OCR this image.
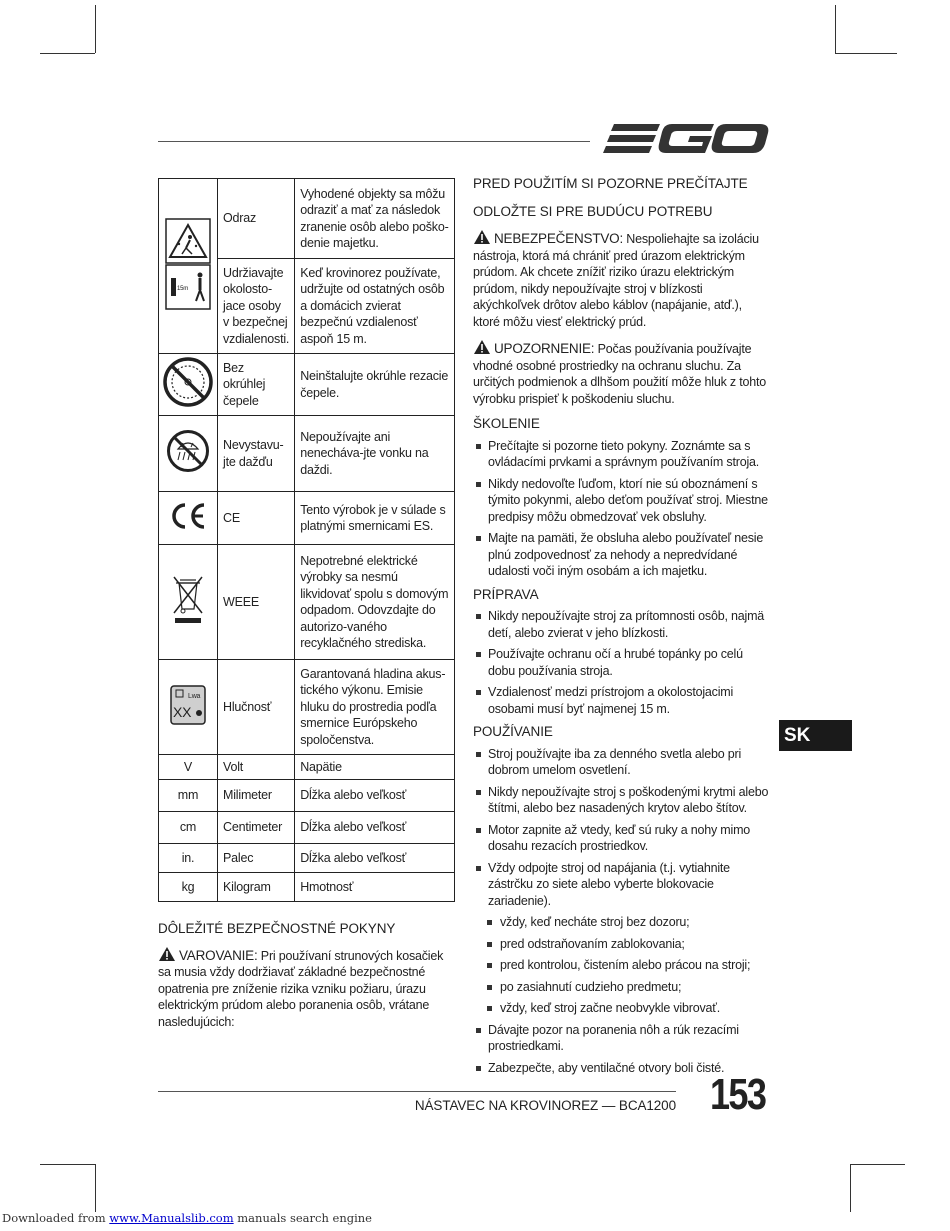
15m	Odraz	Vyhodené objekty sa môžu odraziť a mať za následok zranenie osôb alebo poško-denie majetku.
	Udržiavajte okolosto-jace osoby v bezpečnej vzdialenosti.	Keď krovinorez používate, udržujte od ostatných osôb a domácich zvierat bezpečnú vzdialenosť aspoň 15 m.
	Bez okrúhlej čepele	Neinštalujte okrúhle rezacie čepele.
	Nevystavu-jte dažďu	Nepoužívajte ani nenecháva-jte vonku na daždi.
	CE	Tento výrobok je v súlade s platnými smernicami ES.
	WEEE	Nepotrebné elektrické výrobky sa nesmú likvidovať spolu s domovým odpadom. Odovzdajte do autorizo-vaného recyklačného strediska.

Lwa
XX	Hlučnosť	Garantovaná hladina akus-tického výkonu. Emisie hluku do prostredia podľa smernice Európskeho spoločenstva.
V	Volt	Napätie
mm	Milimeter	Dĺžka alebo veľkosť
cm	Centimeter	Dĺžka alebo veľkosť
in.	Palec	Dĺžka alebo veľkosť
kg	Kilogram	Hmotnosť

DÔLEŽITÉ BEZPEČNOSTNÉ POKYNY

VAROVANIE: Pri používaní strunových kosačiek sa musia vždy dodržiavať základné bezpečnostné opatrenia pre zníženie rizika vzniku požiaru, úrazu elektrickým prúdom alebo poranenia osôb, vrátane nasledujúcich:

PRED POUŽITÍM SI POZORNE PREČÍTAJTE

ODLOŽTE SI PRE BUDÚCU POTREBU

NEBEZPEČENSTVO: Nespoliehajte sa izoláciu nástroja, ktorá má chrániť pred úrazom elektrickým prúdom. Ak chcete znížiť riziko úrazu elektrickým prúdom, nikdy nepoužívajte stroj v blízkosti akýchkoľvek drôtov alebo káblov (napájanie, atď.), ktoré môžu viesť elektrický prúd.

UPOZORNENIE: Počas používania používajte vhodné osobné prostriedky na ochranu sluchu. Za určitých podmienok a dlhšom použití môže hluk z tohto výrobku prispieť k poškodeniu sluchu.

ŠKOLENIE

Prečítajte si pozorne tieto pokyny. Zoznámte sa s ovládacími prvkami a správnym používaním stroja.
Nikdy nedovoľte ľuďom, ktorí nie sú oboznámení s týmito pokynmi, alebo deťom používať stroj. Miestne predpisy môžu obmedzovať vek obsluhy.
Majte na pamäti, že obsluha alebo používateľ nesie plnú zodpovednosť za nehody a nepredvídané udalosti voči iným osobám a ich majetku.

PRÍPRAVA

Nikdy nepoužívajte stroj za prítomnosti osôb, najmä detí, alebo zvierat v jeho blízkosti.
Používajte ochranu očí a hrubé topánky po celú dobu používania stroja.
Vzdialenosť medzi prístrojom a okolostojacimi osobami musí byť najmenej 15 m.

POUŽÍVANIE

Stroj používajte iba za denného svetla alebo pri dobrom umelom osvetlení.
Nikdy nepoužívajte stroj s poškodenými krytmi alebo štítmi, alebo bez nasadených krytov alebo štítov.
Motor zapnite až vtedy, keď sú ruky a nohy mimo dosahu rezacích prostriedkov.
Vždy odpojte stroj od napájania (t.j. vytiahnite zástrčku zo siete alebo vyberte blokovacie zariadenie).
vždy, keď necháte stroj bez dozoru;
pred odstraňovaním zablokovania;
pred kontrolou, čistením alebo prácou na stroji;
po zasiahnutí cudzieho predmetu;
vždy, keď stroj začne neobvykle vibrovať.
Dávajte pozor na poranenia nôh a rúk rezacími prostriedkami.
Zabezpečte, aby ventilačné otvory boli čisté.
SK
NÁSTAVEC NA KROVINOREZ — BCA1200 153
Downloaded from www.Manualslib.com manuals search engine
